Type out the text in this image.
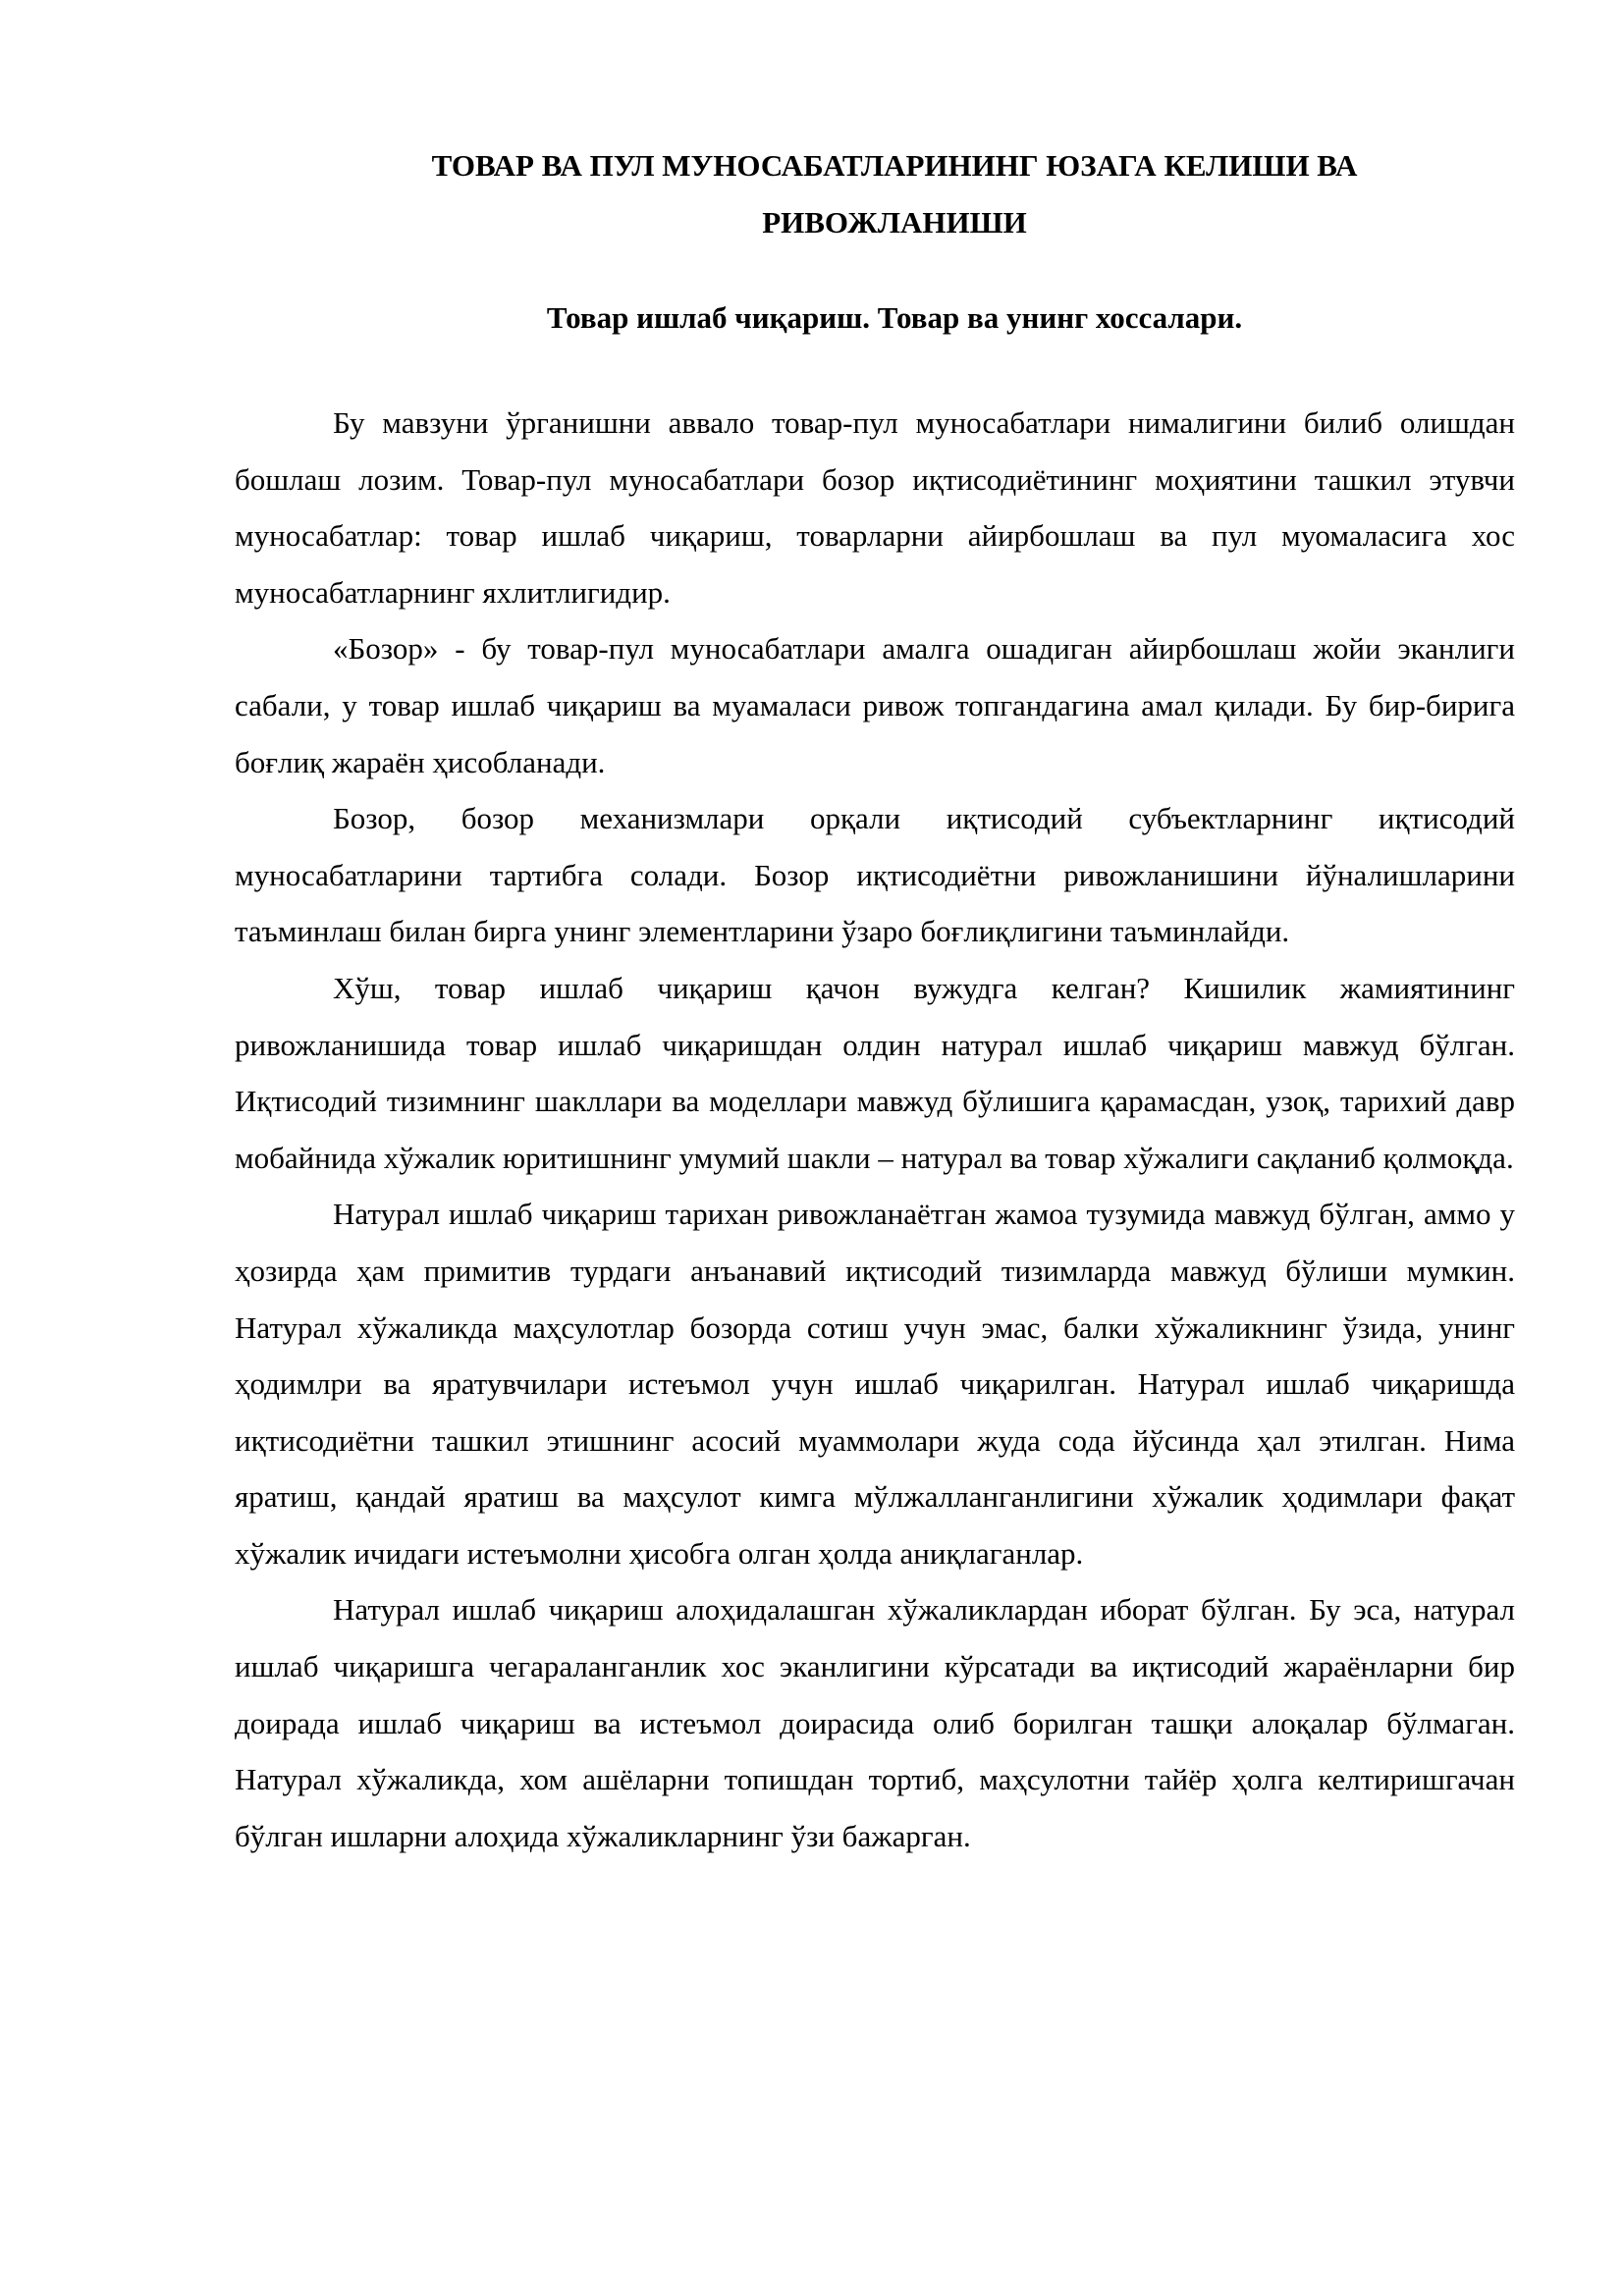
ТОВАР ВА ПУЛ МУНОСАБАТЛАРИНИНГ ЮЗАГА КЕЛИШИ ВА
РИВОЖЛАНИШИ
Товар ишлаб чиқариш. Товар ва унинг хоссалари.

Бу мавзуни ўрганишни аввало товар-пул муносабатлари нималигини билиб олишдан бошлаш лозим. Товар-пул муносабатлари бозор иқтисодиётининг моҳиятини ташкил этувчи муносабатлар: товар ишлаб чиқариш, товарларни айирбошлаш ва пул муомаласига хос муносабатларнинг яхлитлигидир.

«Бозор» - бу товар-пул муносабатлари амалга ошадиган айирбошлаш жойи эканлиги сабали, у товар ишлаб чиқариш ва муамаласи ривож топгандагина амал қилади. Бу бир-бирига боғлиқ жараён ҳисобланади.

Бозор, бозор механизмлари орқали иқтисодий субъектларнинг иқтисодий муносабатларини тартибга солади. Бозор иқтисодиётни ривожланишини йўналишларини таъминлаш билан бирга унинг элементларини ўзаро боғлиқлигини таъминлайди.

Хўш, товар ишлаб чиқариш қачон вужудга келган? Кишилик жамиятининг ривожланишида товар ишлаб чиқаришдан олдин натурал ишлаб чиқариш мавжуд бўлган. Иқтисодий тизимнинг шакллари ва моделлари мавжуд бўлишига қарамасдан, узоқ, тарихий давр мобайнида хўжалик юритишнинг умумий шакли – натурал ва товар хўжалиги сақланиб қолмоқда.

Натурал ишлаб чиқариш тарихан ривожланаётган жамоа тузумида мавжуд бўлган, аммо у ҳозирда ҳам примитив турдаги анъанавий иқтисодий тизимларда мавжуд бўлиши мумкин. Натурал хўжаликда маҳсулотлар бозорда сотиш учун эмас, балки хўжаликнинг ўзида, унинг ҳодимлри ва яратувчилари истеъмол учун ишлаб чиқарилган. Натурал ишлаб чиқаришда иқтисодиётни ташкил этишнинг асосий муаммолари жуда сода йўсинда ҳал этилган. Нима яратиш, қандай яратиш ва маҳсулот кимга мўлжалланганлигини хўжалик ҳодимлари фақат хўжалик ичидаги истеъмолни ҳисобга олган ҳолда аниқлаганлар.

Натурал ишлаб чиқариш алоҳидалашган хўжаликлардан иборат бўлган. Бу эса, натурал ишлаб чиқаришга чегараланганлик хос эканлигини кўрсатади ва иқтисодий жараёнларни бир доирада ишлаб чиқариш ва истеъмол доирасида олиб борилган ташқи алоқалар бўлмаган. Натурал хўжаликда, хом ашёларни топишдан тортиб, маҳсулотни тайёр ҳолга келтиришгачан бўлган ишларни алоҳида хўжаликларнинг ўзи бажарган.
